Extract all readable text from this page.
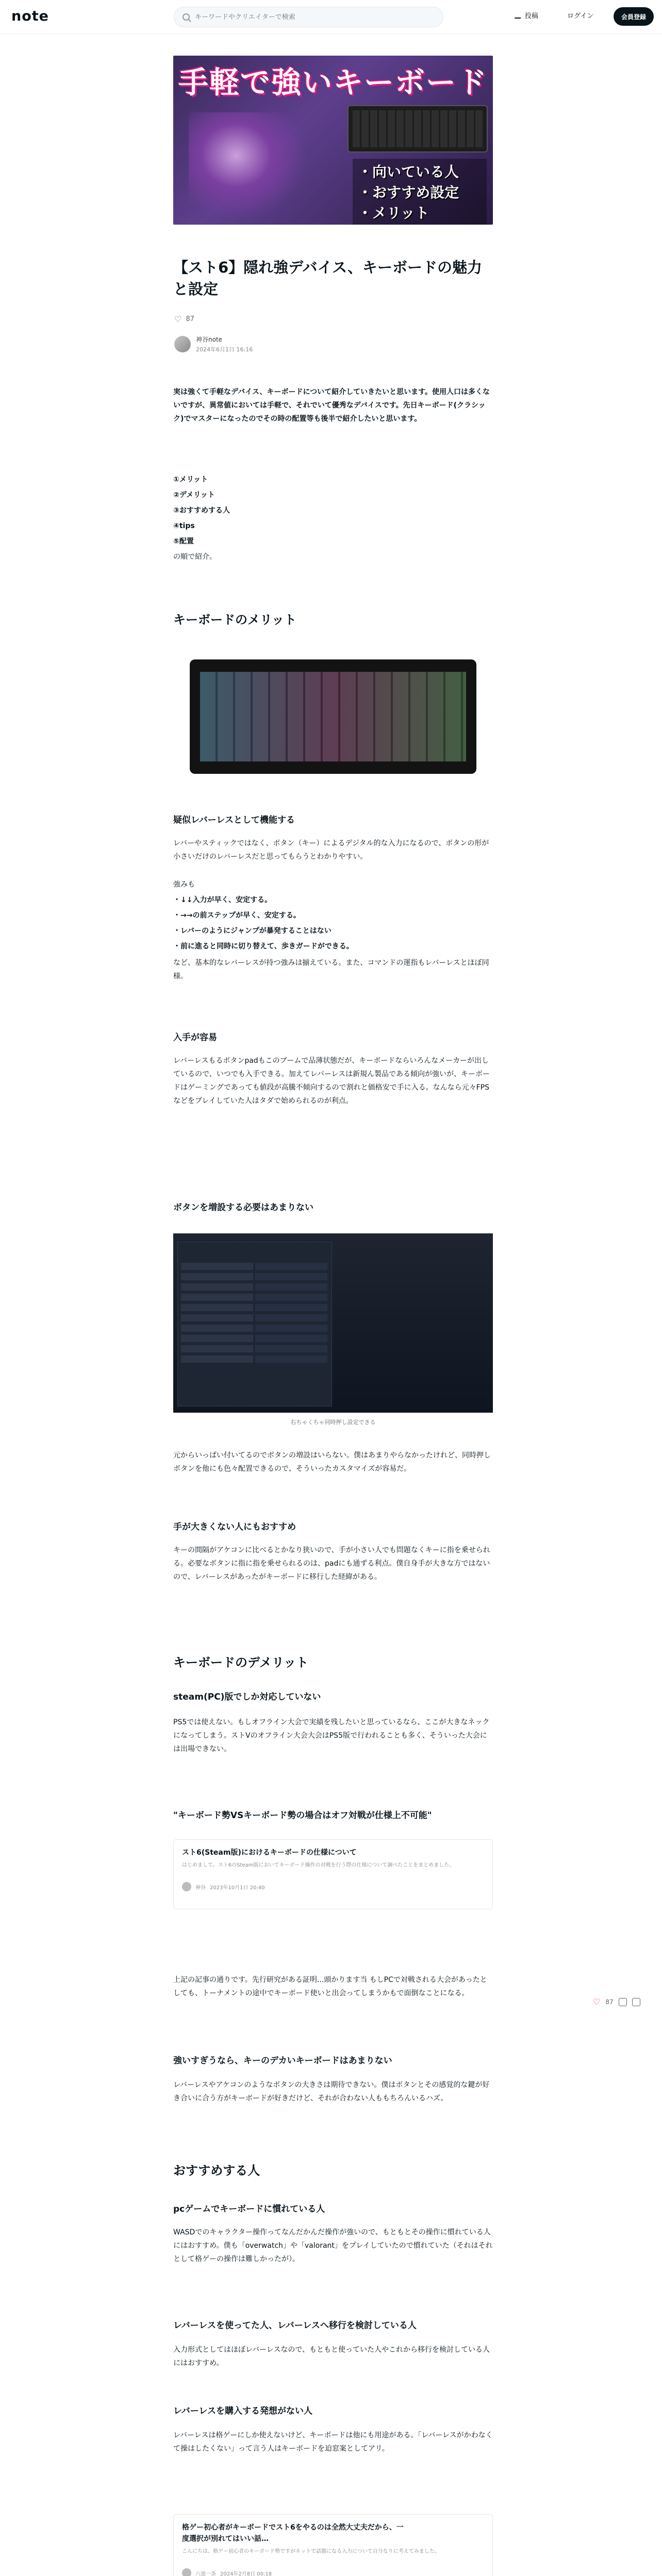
note
キーワードやクリエイターで検索	投稿	ログイン	会員登録
手軽で強いキーボード
・向いている人
・おすすめ設定
・メリット
【スト6】隠れ強デバイス、キーボードの魅力と設定
♡ 87
神谷note
2024年6月1日 16:16

実は強くて手軽なデバイス、キーボードについて紹介していきたいと思います。使用人口は多くないですが、異常値においては手軽で、それでいて優秀なデバイスです。先日キーボード(クラシック)でマスターになったのでその時の配置等も後半で紹介したいと思います。

①メリット
②デメリット
③おすすめする人
④tips
⑤配置
の順で紹介。
キーボードのメリット
疑似レバーレスとして機能する

レバーやスティックではなく、ボタン（キー）によるデジタル的な入力になるので、ボタンの形が小さいだけのレバーレスだと思ってもらうとわかりやすい。

強みも

・↓↓入力が早く、安定する。
・→→の前ステップが早く、安定する。
・レバーのようにジャンプが暴発することはない
・前に進ると同時に切り替えて、歩きガードができる。

など、基本的なレバーレスが持つ強みは揃えている。また、コマンドの運指もレバーレスとほぼ同様。

入手が容易

レバーレスもるボタンpadもこのブームで品薄状態だが、キーボードならいろんなメーカーが出しているので、いつでも入手できる。加えてレバーレスは新規ん製品である傾向が強いが、キーボードはゲーミングであっても値段が高騰不傾向するので割れと価格安で手に入る。なんなら元々FPSなどをプレイしていた人はタダで始められるのが利点。

ボタンを増設する必要はあまりない
右ちゃくちゃ同時押し設定できる

元からいっぱい付いてるのでボタンの増設はいらない。僕はあまりやらなかったけれど、同時押しボタンを他にも色々配置できるので、そういったカスタマイズが容易だ。

手が大きくない人にもおすすめ

キーの間隔がアケコンに比べるとかなり狭いので、手が小さい人でも問題なくキーに指を乗せられる。必要なボタンに指に指を乗せられるのは、padにも通ずる利点。僕自身手が大きな方ではないので、レバーレスがあったがキーボードに移行した経緯がある。

キーボードのデメリット
steam(PC)版でしか対応していない

PS5では使えない。もしオフライン大会で実績を残したいと思っているなら、ここが大きなネックになってしまう。ストVのオフライン大会大会はPS5版で行われることも多く、そういった大会には出場できない。

"キーボード勢VSキーボード勢の場合はオフ対戦が仕様上不可能"
スト6(Steam版)におけるキーボードの仕様について
はじめまして。スト6のSteam版においてキーボード操作の対戦を行う際の仕様について調べたことをまとめました。
神谷 2023年10月1日 20:40

上記の記事の通りです。先行研究がある証明...頭かります当 もしPCで対戦される大会があったとしても、トーナメントの途中でキーボード使いと出会ってしまうかもで面倒なことになる。

強いすぎうなら、キーのデカいキーボードはあまりない

レバーレスやアケコンのようなボタンの大きさは期待できない。僕はボタンとその感覚的な鍵が好き合いに合う方がキーボードが好きだけど、それが合わない人ももちろんいるハズ。

おすすめする人
pcゲームでキーボードに慣れている人

WASDでのキャラクター操作ってなんだかんだ操作が強いので、もともとその操作に慣れている人にはおすすめ。僕も「overwatch」や「valorant」をプレイしていたので慣れていた（それはそれとして格ゲーの操作は難しかったが）。

レバーレスを使ってた人、レバーレスへ移行を検討している人

入力形式としてはほぼレバーレスなので、もともと使っていた人やこれから移行を検討している人にはおすすめ。

レバーレスを購入する発想がない人

レバーレスは格ゲーにしか使えないけど、キーボードは他にも用途がある。「レバーレスがかわなくて操はしたくない」って言う人はキーボードを迫窓案としてアリ。

格ゲー初心者がキーボードでスト6をやるのは全然大丈夫だから、一度選択が別れてはいい話…
こんにちは。格ゲー初心者のキーボード勢ですがネットで話題になる入力について自分なりに考えてみました。
六道一条 2024年2月8日 00:18

♡ 87
